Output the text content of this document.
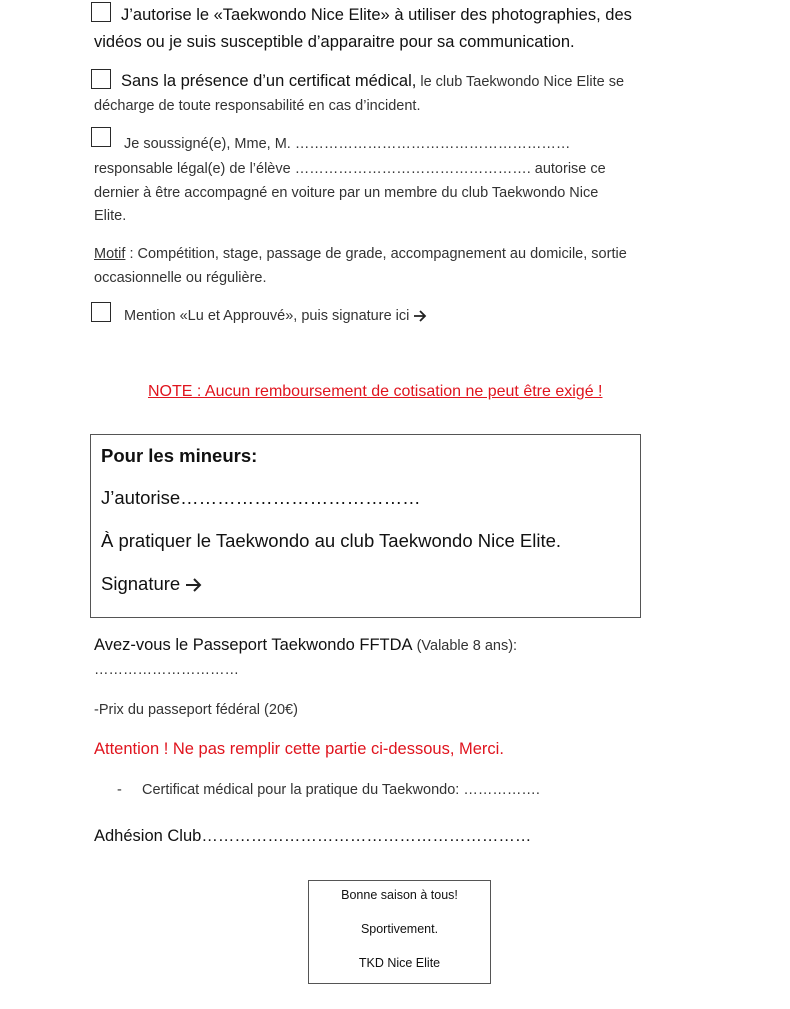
J’autorise le «Taekwondo Nice Elite» à utiliser des photographies, des
vidéos ou je suis susceptible d’apparaitre pour sa communication.
Sans la présence d’un certificat médical, le club Taekwondo Nice Elite se
décharge de toute responsabilité en cas d’incident.
Je soussigné(e), Mme, M. …………………………………………………
responsable légal(e) de l’élève …………………………………………. autorise ce
dernier à être accompagné en voiture par un membre du club Taekwondo Nice
Elite.
Motif : Compétition, stage, passage de grade, accompagnement au domicile, sortie
occasionnelle ou régulière.
Mention «Lu et Approuvé», puis signature ici
NOTE : Aucun remboursement de cotisation ne peut être exigé !
Pour les mineurs:
J’autorise…………………………………
À pratiquer le Taekwondo au club Taekwondo Nice Elite.
Signature
Avez-vous le Passeport Taekwondo FFTDA (Valable 8 ans):
…………………………
-Prix du passeport fédéral (20€)
Attention ! Ne pas remplir cette partie ci-dessous, Merci.
- Certificat médical pour la pratique du Taekwondo: …………….
Adhésion Club……………………………………………………
Bonne saison à tous!
Sportivement.
TKD Nice Elite
